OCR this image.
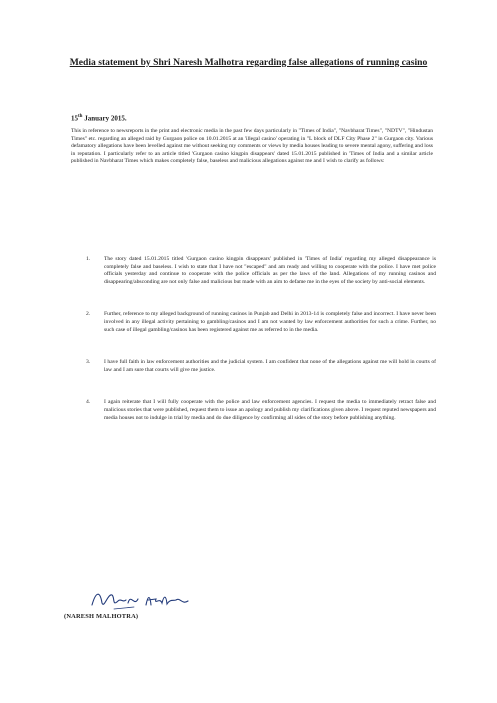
Media statement by Shri Naresh Malhotra regarding false allegations of running casino
15th January 2015.

This in reference to newsreports in the print and electronic media in the past few days particularly in "Times of India", "Navbharat Times", "NDTV", "Hindustan Times" etc. regarding an alleged raid by Gurgaon police on 10.01.2015 at an 'illegal casino' operating in "L block of DLF City Phase 2" in Gurgaon city. Various defamatory allegations have been levelled against me without seeking my comments or views by media houses leading to severe mental agony, suffering and loss in reputation. I particularly refer to an article titled 'Gurgaon casino kingpin disappears' dated 15.01.2015 published in 'Times of India and a similar article published in Navbharat Times which makes completely false, baseless and malicious allegations against me and I wish to clarify as follows:

1. The story dated 15.01.2015 titled 'Gurgaon casino kingpin disappears' published in 'Times of India' regarding my alleged disappearance is completely false and baseless. I wish to state that I have not "escaped" and am ready and willing to cooperate with the police. I have met police officials yesterday and continue to cooperate with the police officials as per the laws of the land. Allegations of my running casinos and disappearing/absconding are not only false and malicious but made with an aim to defame me in the eyes of the society by anti-social elements.
2. Further, reference to my alleged background of running casinos in Punjab and Delhi in 2013-14 is completely false and incorrect. I have never been involved in any illegal activity pertaining to gambling/casinos and I am not wanted by law enforcement authorities for such a crime. Further, no such case of illegal gambling/casinos has been registered against me as referred to in the media.
3. I have full faith in law enforcement authorities and the judicial system. I am confident that none of the allegations against me will hold in courts of law and I am sure that courts will give me justice.
4. I again reiterate that I will fully cooperate with the police and law enforcement agencies. I request the media to immediately retract false and malicious stories that were published, request them to issue an apology and publish my clarifications given above. I request reputed newspapers and media houses not to indulge in trial by media and do due diligence by confirming all sides of the story before publishing anything.
(NARESH MALHOTRA)
